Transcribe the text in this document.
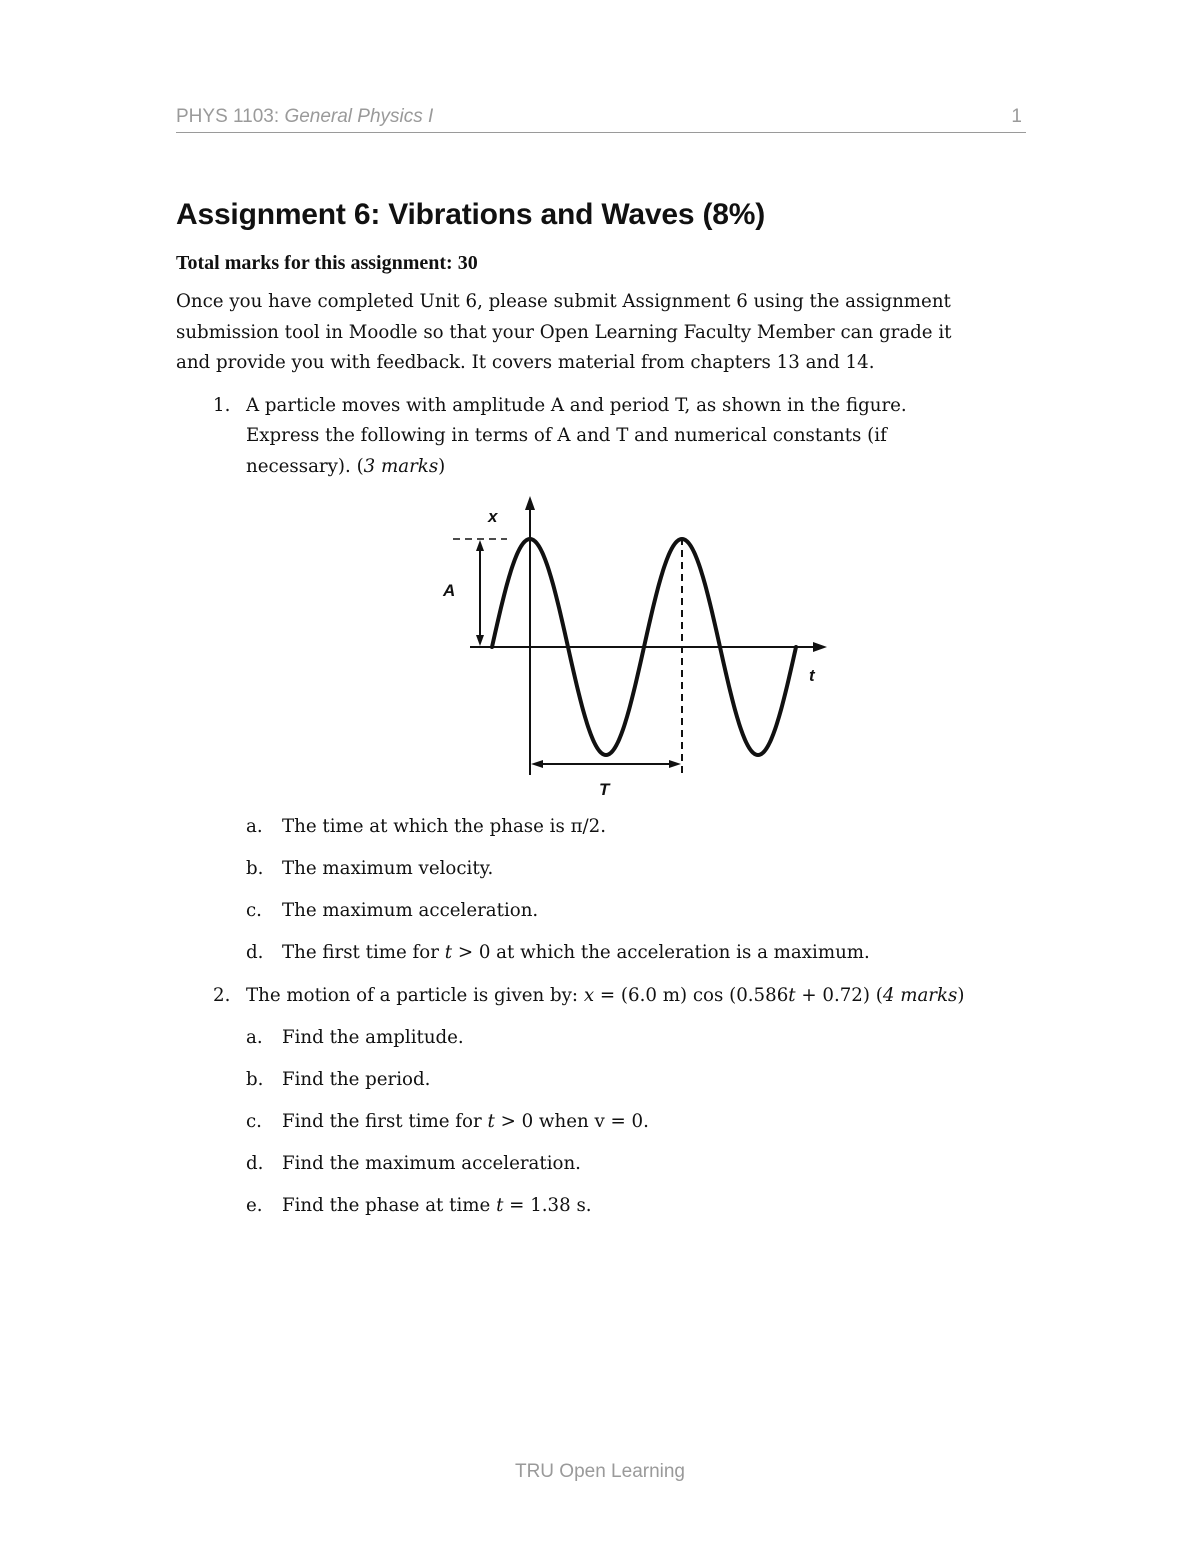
PHYS 1103: General Physics I	1
Assignment 6: Vibrations and Waves (8%)
Total marks for this assignment: 30
Once you have completed Unit 6, please submit Assignment 6 using the assignment
submission tool in Moodle so that your Open Learning Faculty Member can grade it
and provide you with feedback. It covers material from chapters 13 and 14.
1. A particle moves with amplitude A and period T, as shown in the figure.
Express the following in terms of A and T and numerical constants (if
necessary). (3 marks)
x
A
t
T
a. The time at which the phase is π/2.
b. The maximum velocity.
c. The maximum acceleration.
d. The first time for t > 0 at which the acceleration is a maximum.
2. The motion of a particle is given by: x = (6.0 m) cos (0.586t + 0.72) (4 marks)
a. Find the amplitude.
b. Find the period.
c. Find the first time for t > 0 when v = 0.
d. Find the maximum acceleration.
e. Find the phase at time t = 1.38 s.
TRU Open Learning
